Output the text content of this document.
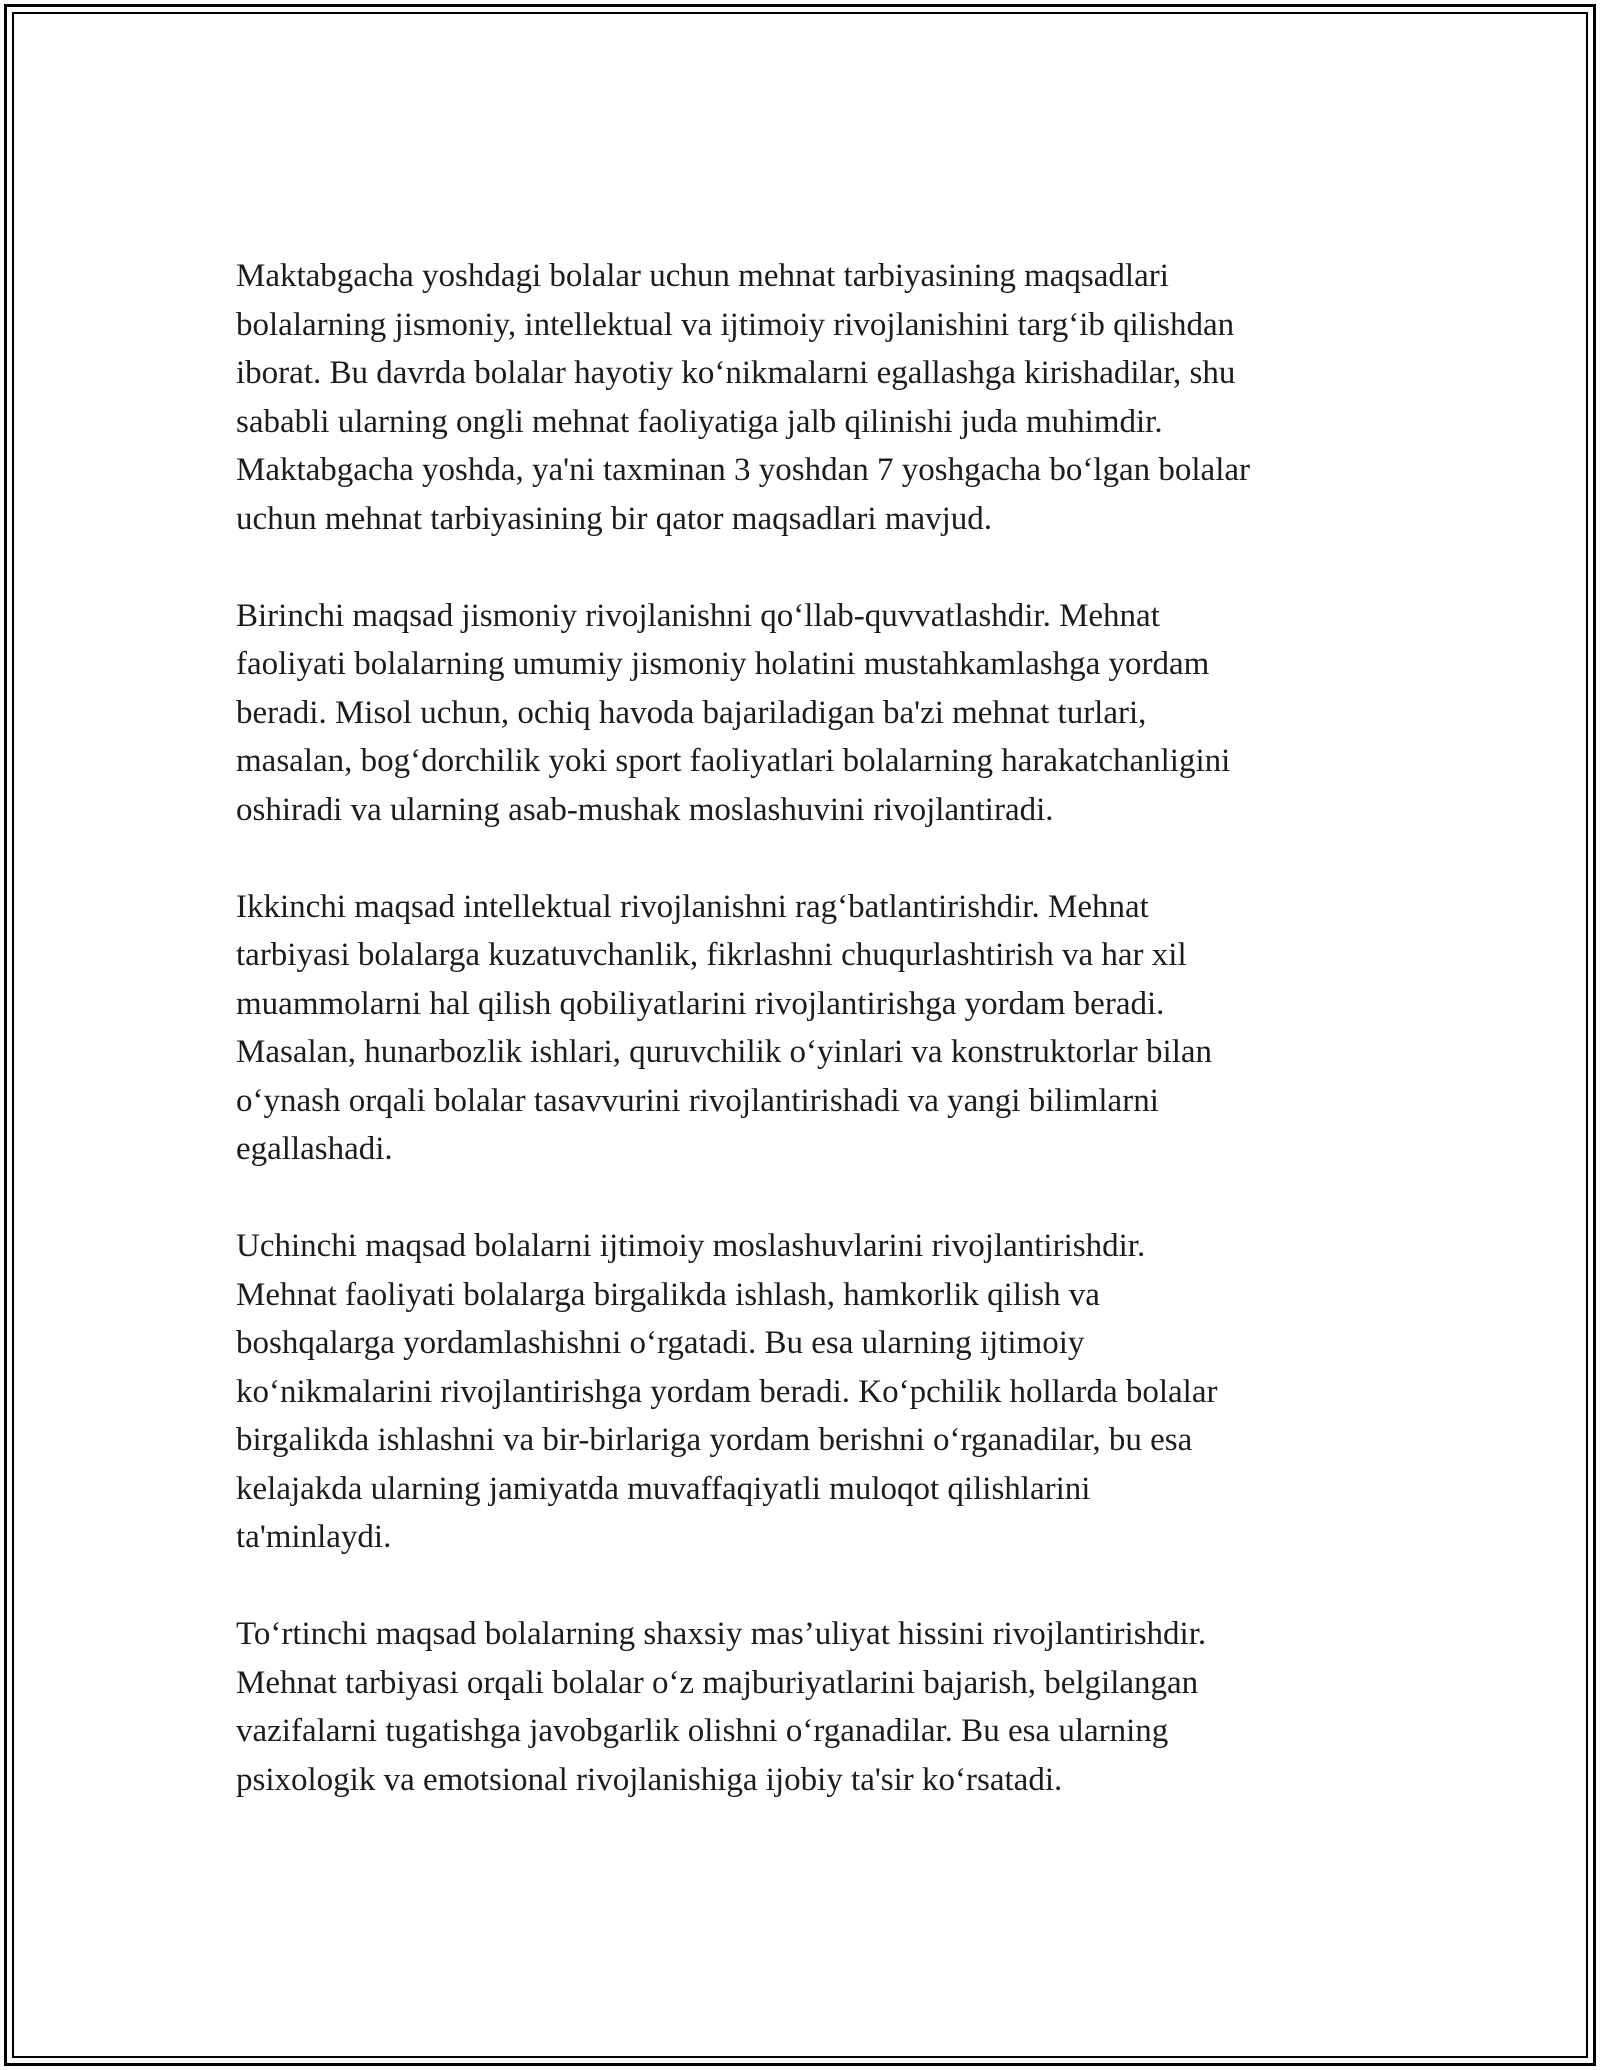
Maktabgacha yoshdagi bolalar uchun mehnat tarbiyasining maqsadlari
bolalarning jismoniy, intellektual va ijtimoiy rivojlanishini targ‘ib qilishdan
iborat. Bu davrda bolalar hayotiy ko‘nikmalarni egallashga kirishadilar, shu
sababli ularning ongli mehnat faoliyatiga jalb qilinishi juda muhimdir.
Maktabgacha yoshda, ya'ni taxminan 3 yoshdan 7 yoshgacha bo‘lgan bolalar
uchun mehnat tarbiyasining bir qator maqsadlari mavjud.

Birinchi maqsad jismoniy rivojlanishni qo‘llab-quvvatlashdir. Mehnat
faoliyati bolalarning umumiy jismoniy holatini mustahkamlashga yordam
beradi. Misol uchun, ochiq havoda bajariladigan ba'zi mehnat turlari,
masalan, bog‘dorchilik yoki sport faoliyatlari bolalarning harakatchanligini
oshiradi va ularning asab-mushak moslashuvini rivojlantiradi.

Ikkinchi maqsad intellektual rivojlanishni rag‘batlantirishdir. Mehnat
tarbiyasi bolalarga kuzatuvchanlik, fikrlashni chuqurlashtirish va har xil
muammolarni hal qilish qobiliyatlarini rivojlantirishga yordam beradi.
Masalan, hunarbozlik ishlari, quruvchilik o‘yinlari va konstruktorlar bilan
o‘ynash orqali bolalar tasavvurini rivojlantirishadi va yangi bilimlarni
egallashadi.

Uchinchi maqsad bolalarni ijtimoiy moslashuvlarini rivojlantirishdir.
Mehnat faoliyati bolalarga birgalikda ishlash, hamkorlik qilish va
boshqalarga yordamlashishni o‘rgatadi. Bu esa ularning ijtimoiy
ko‘nikmalarini rivojlantirishga yordam beradi. Ko‘pchilik hollarda bolalar
birgalikda ishlashni va bir-birlariga yordam berishni o‘rganadilar, bu esa
kelajakda ularning jamiyatda muvaffaqiyatli muloqot qilishlarini
ta'minlaydi.

To‘rtinchi maqsad bolalarning shaxsiy mas’uliyat hissini rivojlantirishdir.
Mehnat tarbiyasi orqali bolalar o‘z majburiyatlarini bajarish, belgilangan
vazifalarni tugatishga javobgarlik olishni o‘rganadilar. Bu esa ularning
psixologik va emotsional rivojlanishiga ijobiy ta'sir ko‘rsatadi.
